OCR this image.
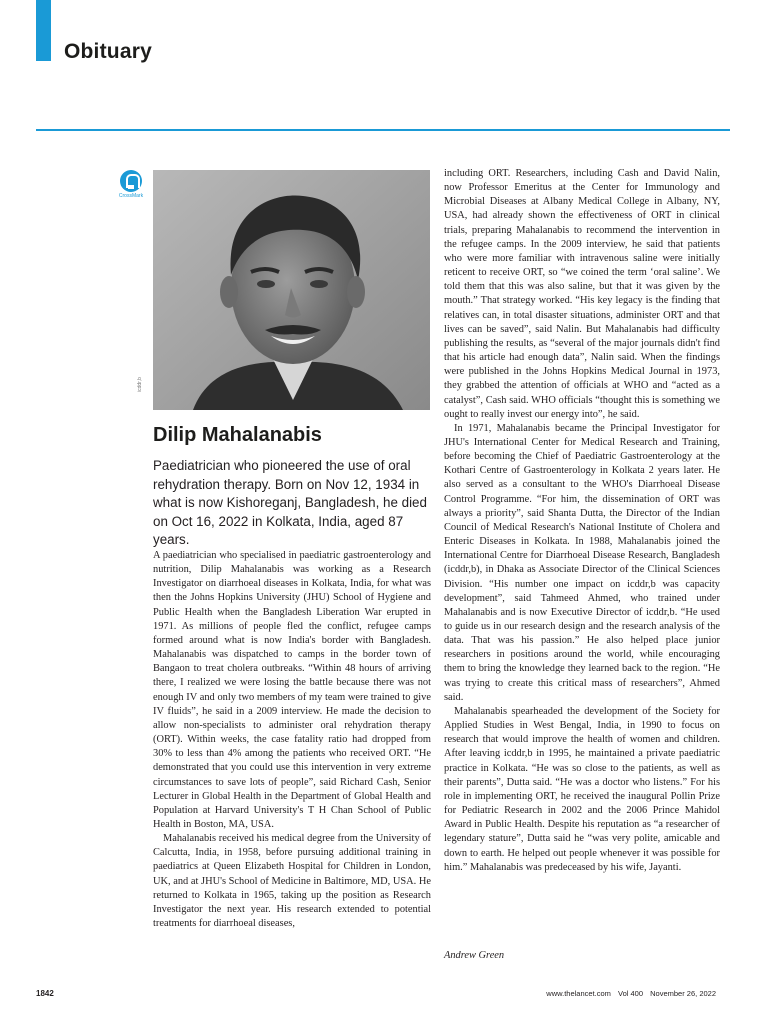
Obituary
CrossMark
icddr,b
Dilip Mahalanabis

Paediatrician who pioneered the use of oral rehydration therapy. Born on Nov 12, 1934 in what is now Kishoreganj, Bangladesh, he died on Oct 16, 2022 in Kolkata, India, aged 87 years.

A paediatrician who specialised in paediatric gastroenterology and nutrition, Dilip Mahalanabis was working as a Research Investigator on diarrhoeal diseases in Kolkata, India, for what was then the Johns Hopkins University (JHU) School of Hygiene and Public Health when the Bangladesh Liberation War erupted in 1971. As millions of people fled the conflict, refugee camps formed around what is now India's border with Bangladesh. Mahalanabis was dispatched to camps in the border town of Bangaon to treat cholera outbreaks. “Within 48 hours of arriving there, I realized we were losing the battle because there was not enough IV and only two members of my team were trained to give IV fluids”, he said in a 2009 interview. He made the decision to allow non-specialists to administer oral rehydration therapy (ORT). Within weeks, the case fatality ratio had dropped from 30% to less than 4% among the patients who received ORT. “He demonstrated that you could use this intervention in very extreme circumstances to save lots of people”, said Richard Cash, Senior Lecturer in Global Health in the Department of Global Health and Population at Harvard University's T H Chan School of Public Health in Boston, MA, USA.

Mahalanabis received his medical degree from the University of Calcutta, India, in 1958, before pursuing additional training in paediatrics at Queen Elizabeth Hospital for Children in London, UK, and at JHU's School of Medicine in Baltimore, MD, USA. He returned to Kolkata in 1965, taking up the position as Research Investigator the next year. His research extended to potential treatments for diarrhoeal diseases,

including ORT. Researchers, including Cash and David Nalin, now Professor Emeritus at the Center for Immunology and Microbial Diseases at Albany Medical College in Albany, NY, USA, had already shown the effectiveness of ORT in clinical trials, preparing Mahalanabis to recommend the intervention in the refugee camps. In the 2009 interview, he said that patients who were more familiar with intravenous saline were initially reticent to receive ORT, so “we coined the term ‘oral saline’. We told them that this was also saline, but that it was given by the mouth.” That strategy worked. “His key legacy is the finding that relatives can, in total disaster situations, administer ORT and that lives can be saved”, said Nalin. But Mahalanabis had difficulty publishing the results, as “several of the major journals didn't find that his article had enough data”, Nalin said. When the findings were published in the Johns Hopkins Medical Journal in 1973, they grabbed the attention of officials at WHO and “acted as a catalyst”, Cash said. WHO officials “thought this is something we ought to really invest our energy into”, he said.

In 1971, Mahalanabis became the Principal Investigator for JHU's International Center for Medical Research and Training, before becoming the Chief of Paediatric Gastroenterology at the Kothari Centre of Gastroenterology in Kolkata 2 years later. He also served as a consultant to the WHO's Diarrhoeal Disease Control Programme. “For him, the dissemination of ORT was always a priority”, said Shanta Dutta, the Director of the Indian Council of Medical Research's National Institute of Cholera and Enteric Diseases in Kolkata. In 1988, Mahalanabis joined the International Centre for Diarrhoeal Disease Research, Bangladesh (icddr,b), in Dhaka as Associate Director of the Clinical Sciences Division. “His number one impact on icddr,b was capacity development”, said Tahmeed Ahmed, who trained under Mahalanabis and is now Executive Director of icddr,b. “He used to guide us in our research design and the research analysis of the data. That was his passion.” He also helped place junior researchers in positions around the world, while encouraging them to bring the knowledge they learned back to the region. “He was trying to create this critical mass of researchers”, Ahmed said.

Mahalanabis spearheaded the development of the Society for Applied Studies in West Bengal, India, in 1990 to focus on research that would improve the health of women and children. After leaving icddr,b in 1995, he maintained a private paediatric practice in Kolkata. “He was so close to the patients, as well as their parents”, Dutta said. “He was a doctor who listens.” For his role in implementing ORT, he received the inaugural Pollin Prize for Pediatric Research in 2002 and the 2006 Prince Mahidol Award in Public Health. Despite his reputation as “a researcher of legendary stature”, Dutta said he “was very polite, amicable and down to earth. He helped out people whenever it was possible for him.” Mahalanabis was predeceased by his wife, Jayanti.

Andrew Green
1842	www.thelancet.com Vol 400 November 26, 2022
